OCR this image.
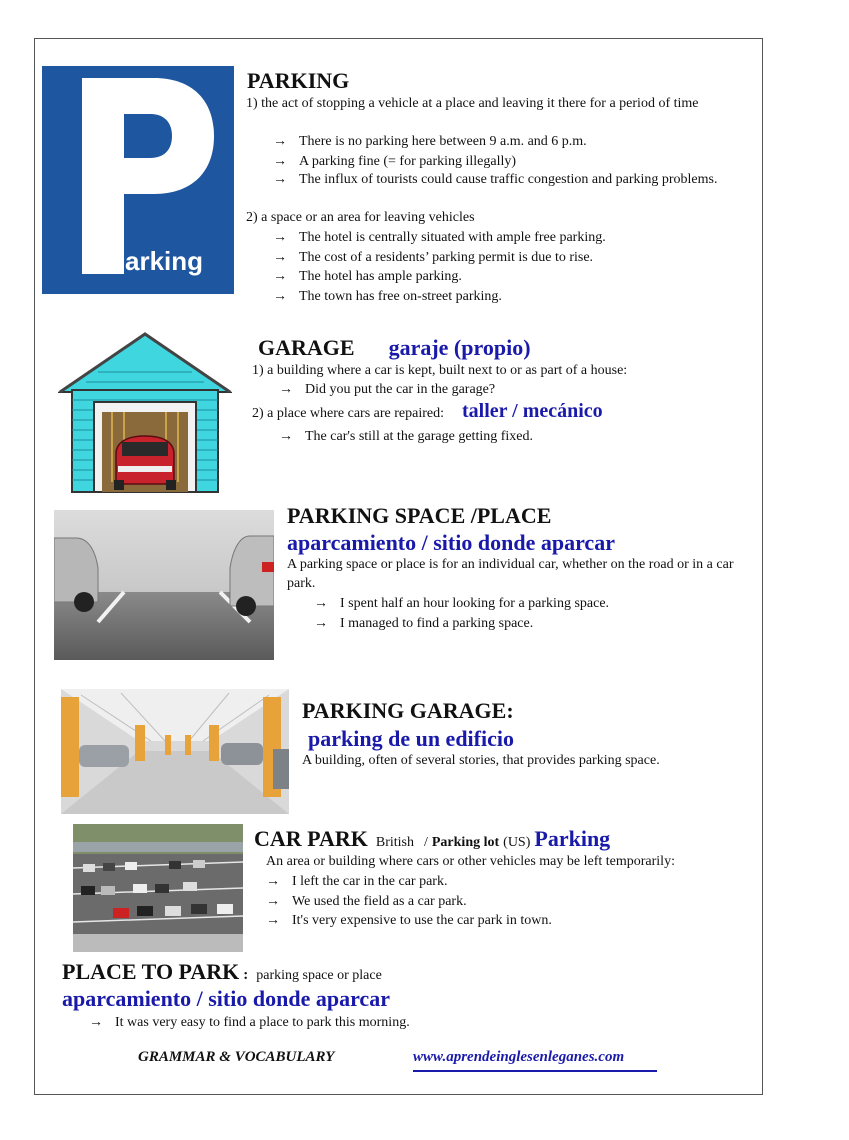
arking
PARKING
1) the act of stopping a vehicle at a place and leaving it there for a period of time
→ There is no parking here between 9 a.m. and 6 p.m.
→ A parking fine (= for parking illegally)
→ The influx of tourists could cause traffic congestion and parking problems.
2) a space or an area for leaving vehicles
→ The hotel is centrally situated with ample free parking.
→ The cost of a residents’ parking permit is due to rise.
→ The hotel has ample parking.
→ The town has free on-street parking.
GARAGE garaje (propio)
1) a building where a car is kept, built next to or as part of a house:
→ Did you put the car in the garage?
2) a place where cars are repaired: taller / mecánico
→ The car's still at the garage getting fixed.
PARKING SPACE /PLACE
aparcamiento / sitio donde aparcar
A parking space or place is for an individual car, whether on the road or in a car park.
→ I spent half an hour looking for a parking space.
→ I managed to find a parking space.
PARKING GARAGE:
parking de un edificio
A building, often of several stories, that provides parking space.
CAR PARK British / Parking lot (US) Parking
An area or building where cars or other vehicles may be left temporarily:
→ I left the car in the car park.
→ We used the field as a car park.
→ It's very expensive to use the car park in town.
PLACE TO PARK : parking space or place
aparcamiento / sitio donde aparcar
→ It was very easy to find a place to park this morning.
GRAMMAR & VOCABULARY	www.aprendeinglesenleganes.com
